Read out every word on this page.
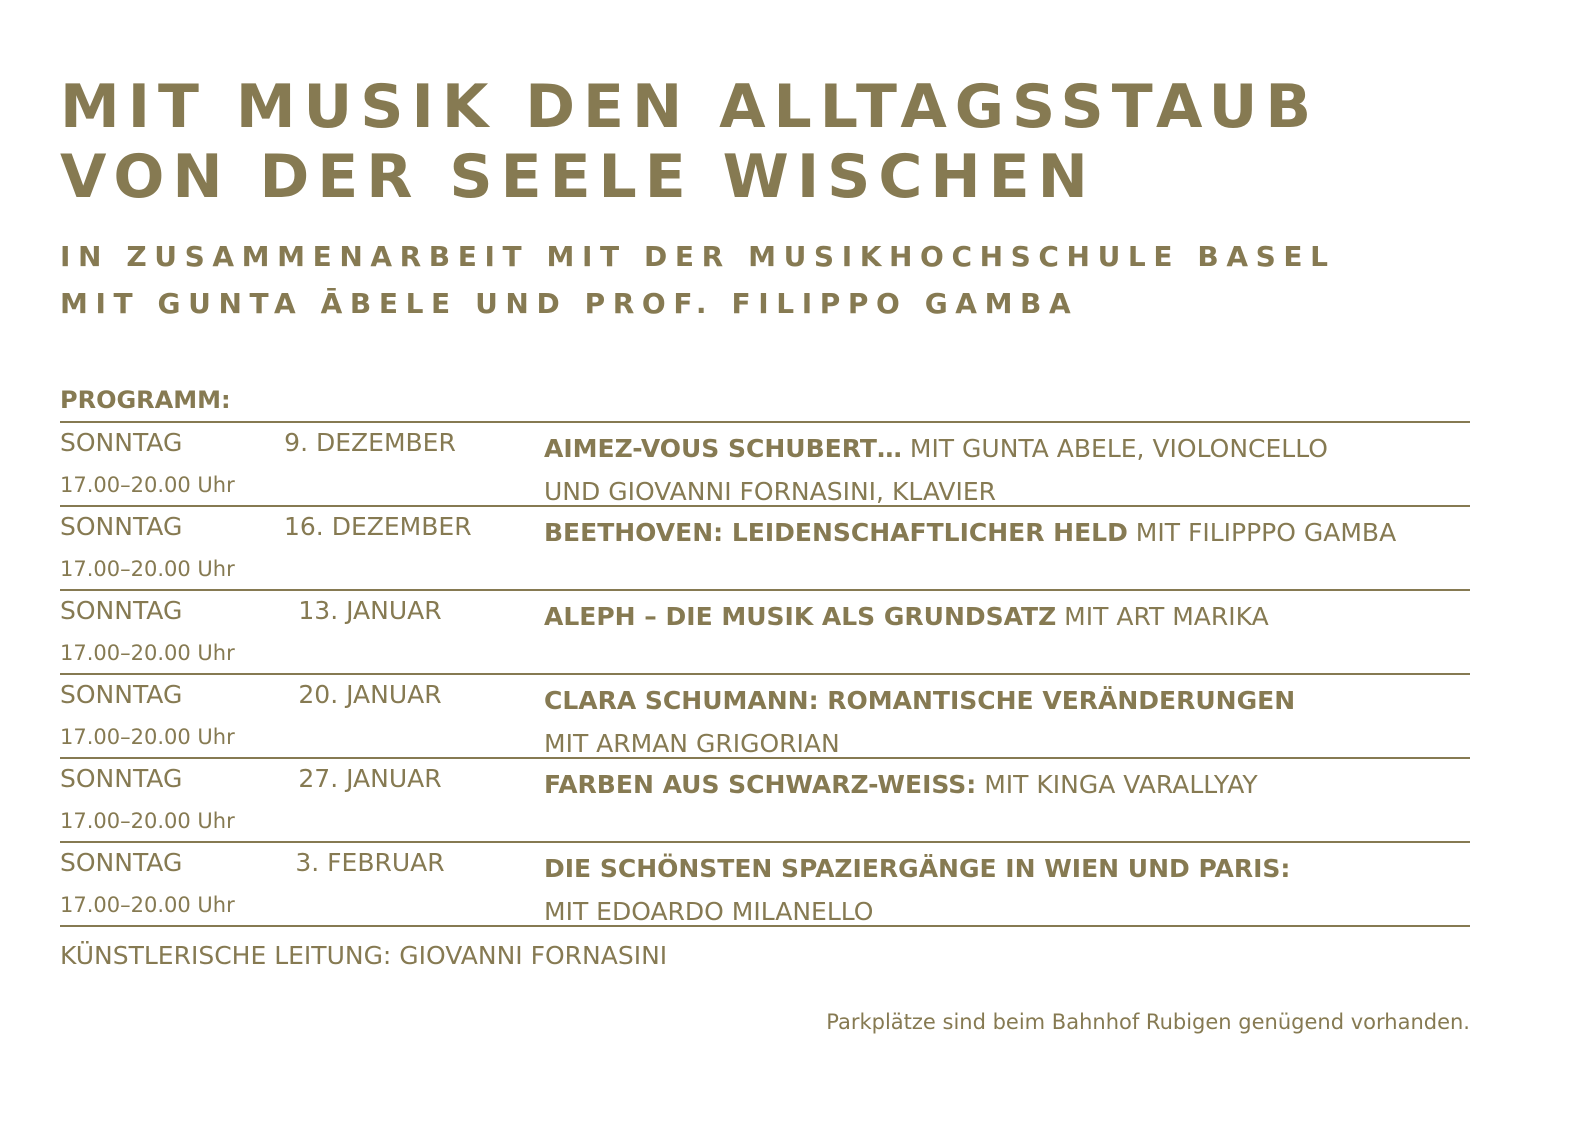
MIT MUSIK DEN ALLTAGSSTAUB
VON DER SEELE WISCHEN
IN ZUSAMMENARBEIT MIT DER MUSIKHOCHSCHULE BASEL
MIT GUNTA ĀBELE UND PROF. FILIPPO GAMBA
PROGRAMM:
SONNTAG
17.00–20.00 Uhr
9. DEZEMBER	AIMEZ-VOUS SCHUBERT… MIT GUNTA ABELE, VIOLONCELLO
UND GIOVANNI FORNASINI, KLAVIER
SONNTAG
17.00–20.00 Uhr
16. DEZEMBER	BEETHOVEN: LEIDENSCHAFTLICHER HELD MIT FILIPPPO GAMBA
SONNTAG
17.00–20.00 Uhr
13. JANUAR	ALEPH – DIE MUSIK ALS GRUNDSATZ MIT ART MARIKA
SONNTAG
17.00–20.00 Uhr
20. JANUAR	CLARA SCHUMANN: ROMANTISCHE VERÄNDERUNGEN
MIT ARMAN GRIGORIAN
SONNTAG
17.00–20.00 Uhr
27. JANUAR	FARBEN AUS SCHWARZ-WEISS: MIT KINGA VARALLYAY
SONNTAG
17.00–20.00 Uhr
3. FEBRUAR	DIE SCHÖNSTEN SPAZIERGÄNGE IN WIEN UND PARIS:
MIT EDOARDO MILANELLO
KÜNSTLERISCHE LEITUNG: GIOVANNI FORNASINI
Parkplätze sind beim Bahnhof Rubigen genügend vorhanden.
